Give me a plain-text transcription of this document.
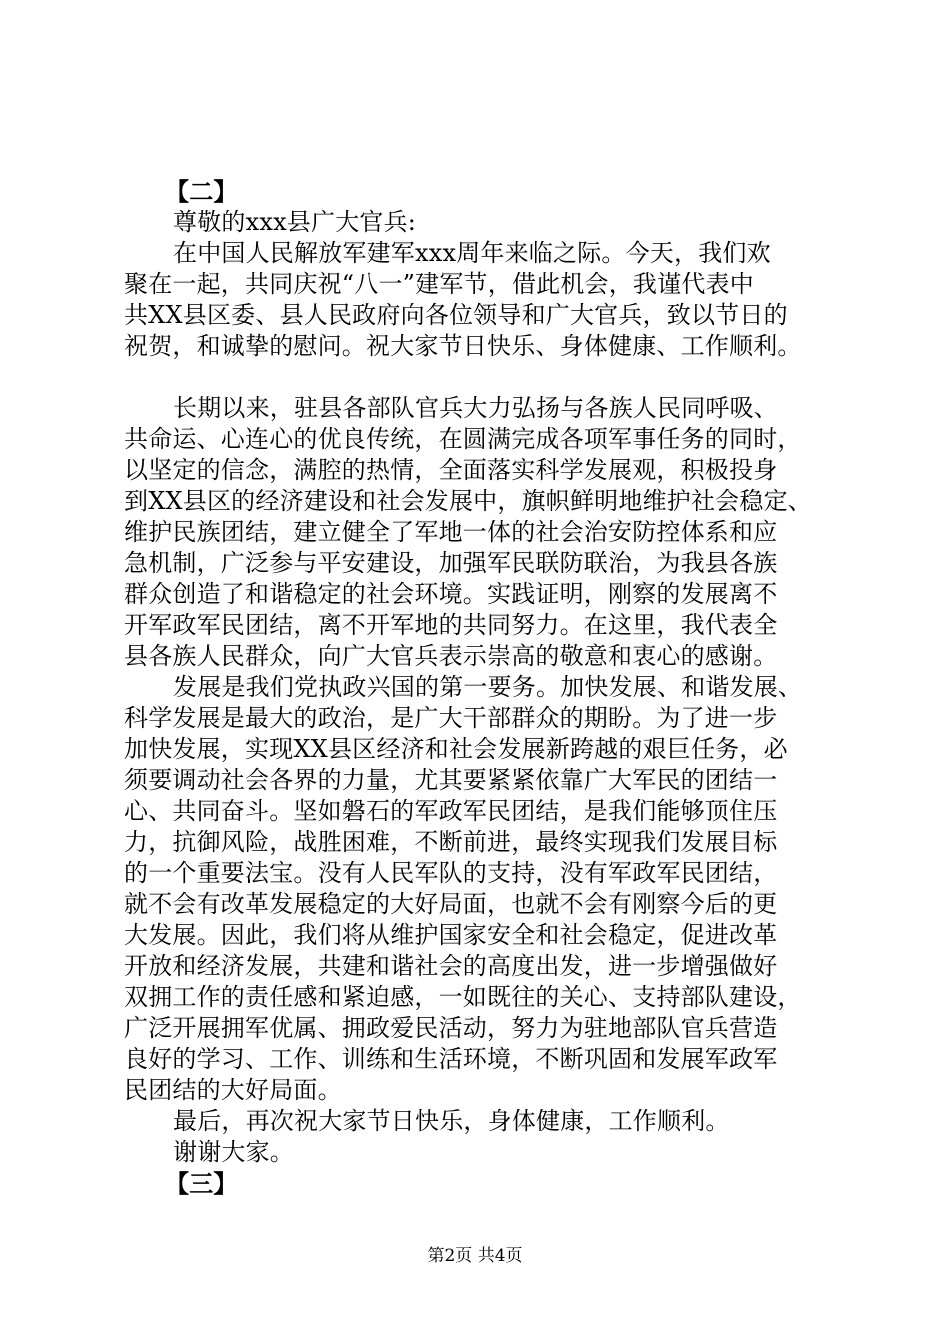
【二】
尊敬的xxx县广大官兵:
在中国人民解放军建军xxx周年来临之际。今天，我们欢
聚在一起，共同庆祝“八一”建军节，借此机会，我谨代表中
共XX县区委、县人民政府向各位领导和广大官兵，致以节日的
祝贺，和诚挚的慰问。祝大家节日快乐、身体健康、工作顺利。
长期以来，驻县各部队官兵大力弘扬与各族人民同呼吸、
共命运、心连心的优良传统，在圆满完成各项军事任务的同时，
以坚定的信念，满腔的热情，全面落实科学发展观，积极投身
到XX县区的经济建设和社会发展中，旗帜鲜明地维护社会稳定、
维护民族团结，建立健全了军地一体的社会治安防控体系和应
急机制，广泛参与平安建设，加强军民联防联治，为我县各族
群众创造了和谐稳定的社会环境。实践证明，刚察的发展离不
开军政军民团结，离不开军地的共同努力。在这里，我代表全
县各族人民群众，向广大官兵表示崇高的敬意和衷心的感谢。
发展是我们党执政兴国的第一要务。加快发展、和谐发展、
科学发展是最大的政治，是广大干部群众的期盼。为了进一步
加快发展，实现XX县区经济和社会发展新跨越的艰巨任务，必
须要调动社会各界的力量，尤其要紧紧依靠广大军民的团结一
心、共同奋斗。坚如磐石的军政军民团结，是我们能够顶住压
力，抗御风险，战胜困难，不断前进，最终实现我们发展目标
的一个重要法宝。没有人民军队的支持，没有军政军民团结，
就不会有改革发展稳定的大好局面，也就不会有刚察今后的更
大发展。因此，我们将从维护国家安全和社会稳定，促进改革
开放和经济发展，共建和谐社会的高度出发，进一步增强做好
双拥工作的责任感和紧迫感，一如既往的关心、支持部队建设，
广泛开展拥军优属、拥政爱民活动，努力为驻地部队官兵营造
良好的学习、工作、训练和生活环境，不断巩固和发展军政军
民团结的大好局面。
最后，再次祝大家节日快乐，身体健康，工作顺利。
谢谢大家。
【三】
第2页 共4页
